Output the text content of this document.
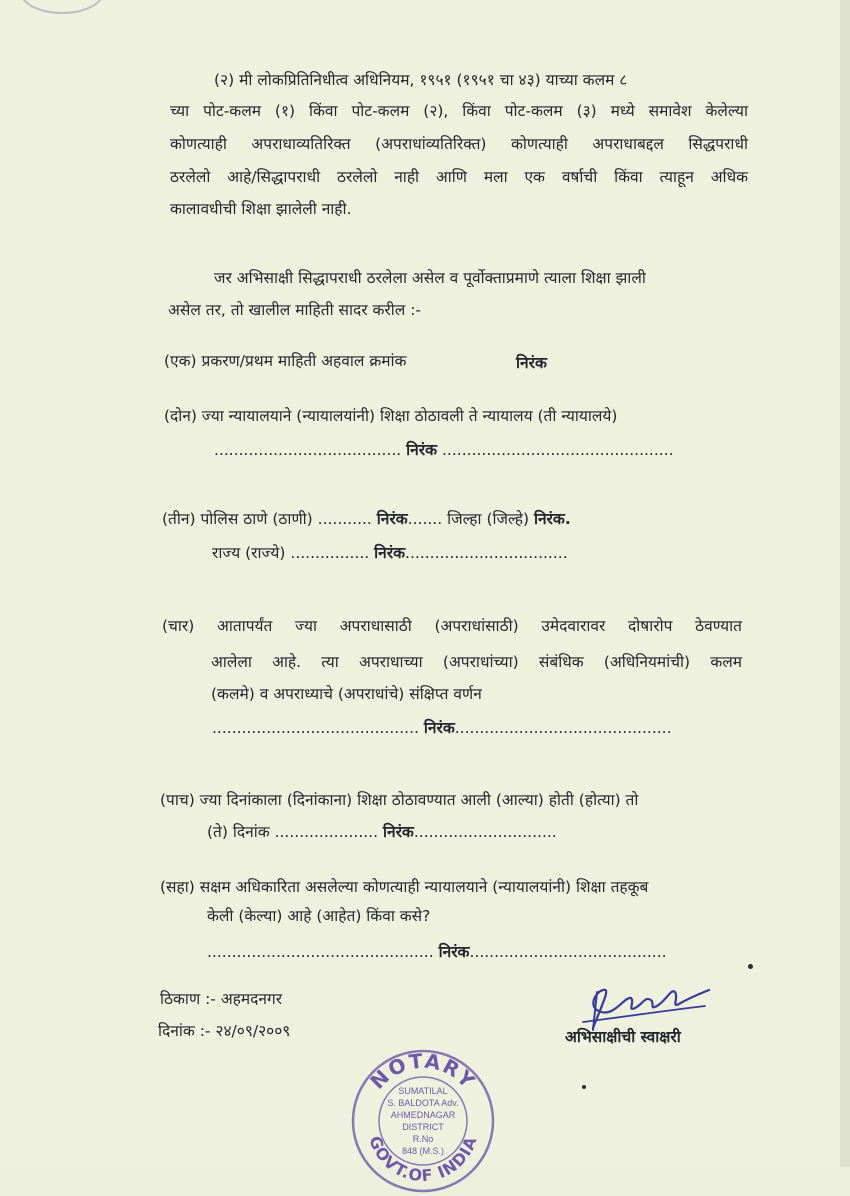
(२) मी लोकप्रितिनिधीत्व अधिनियम, १९५१ (१९५१ चा ४३) याच्या कलम ८
च्या पोट-कलम (१) किंवा पोट-कलम (२), किंवा पोट-कलम (३) मध्ये समावेश केलेल्या
कोणत्याही अपराधाव्यतिरिक्त (अपराधांव्यतिरिक्त) कोणत्याही अपराधाबद्दल सिद्धपराधी
ठरलेलो आहे/सिद्धापराधी ठरलेलो नाही आणि मला एक वर्षाची किंवा त्याहून अधिक
कालावधीची शिक्षा झालेली नाही.
जर अभिसाक्षी सिद्धापराधी ठरलेला असेल व पूर्वोक्ताप्रमाणे त्याला शिक्षा झाली
असेल तर, तो खालील माहिती सादर करील :-
(एक) प्रकरण/प्रथम माहिती अहवाल क्रमांक	निरंक
(दोन) ज्या न्यायालयाने (न्यायालयांनी) शिक्षा ठोठावली ते न्यायालय (ती न्यायालये)
...................................... निरंक ...............................................
(तीन) पोलिस ठाणे (ठाणी) ........... निरंक....... जिल्हा (जिल्हे) निरंक.
राज्य (राज्ये) ................ निरंक.................................
(चार) आतापर्यंत ज्या अपराधासाठी (अपराधांसाठी) उमेदवारावर दोषारोप ठेवण्यात
आलेला आहे. त्या अपराधाच्या (अपराधांच्या) संबंधिक (अधिनियमांची) कलम
(कलमे) व अपराध्याचे (अपराधांचे) संक्षिप्त वर्णन
.......................................... निरंक............................................
(पाच) ज्या दिनांकाला (दिनांकाना) शिक्षा ठोठावण्यात आली (आल्या) होती (होत्या) तो
(ते) दिनांक ..................... निरंक.............................
(सहा) सक्षम अधिकारिता असलेल्या कोणत्याही न्यायालयाने (न्यायालयांनी) शिक्षा तहकूब
केली (केल्या) आहे (आहेत) किंवा कसे?
.............................................. निरंक........................................
ठिकाण :- अहमदनगर
दिनांक :- २४/०९/२००९	अभिसाक्षीची स्वाक्षरी
NOTARY
GOVT.OF INDIA
SUMATILAL
S. BALDOTA Adv.
AHMEDNAGAR
DISTRICT
R.No
848 (M.S.)
